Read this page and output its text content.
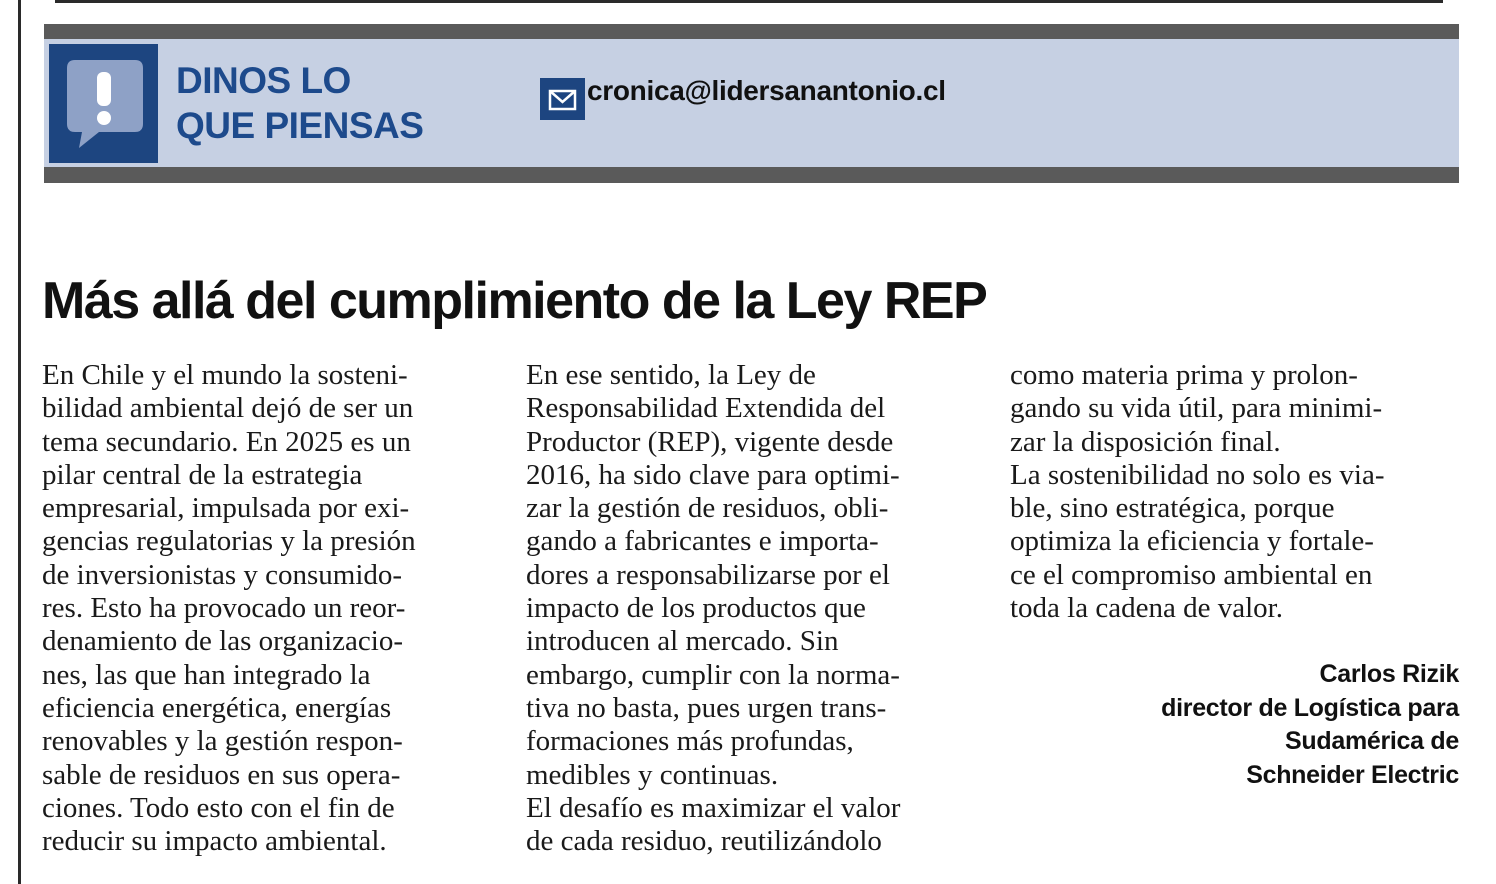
DINOS LO
QUE PIENSAS
cronica@lidersanantonio.cl
Más allá del cumplimiento de la Ley REP
En Chile y el mundo la sosteni-
bilidad ambiental dejó de ser un
tema secundario. En 2025 es un
pilar central de la estrategia
empresarial, impulsada por exi-
gencias regulatorias y la presión
de inversionistas y consumido-
res. Esto ha provocado un reor-
denamiento de las organizacio-
nes, las que han integrado la
eficiencia energética, energías
renovables y la gestión respon-
sable de residuos en sus opera-
ciones. Todo esto con el fin de
reducir su impacto ambiental.
En ese sentido, la Ley de
Responsabilidad Extendida del
Productor (REP), vigente desde
2016, ha sido clave para optimi-
zar la gestión de residuos, obli-
gando a fabricantes e importa-
dores a responsabilizarse por el
impacto de los productos que
introducen al mercado. Sin
embargo, cumplir con la norma-
tiva no basta, pues urgen trans-
formaciones más profundas,
medibles y continuas.
El desafío es maximizar el valor
de cada residuo, reutilizándolo
como materia prima y prolon-
gando su vida útil, para minimi-
zar la disposición final.
La sostenibilidad no solo es via-
ble, sino estratégica, porque
optimiza la eficiencia y fortale-
ce el compromiso ambiental en
toda la cadena de valor.
Carlos Rizik
director de Logística para
Sudamérica de
Schneider Electric
